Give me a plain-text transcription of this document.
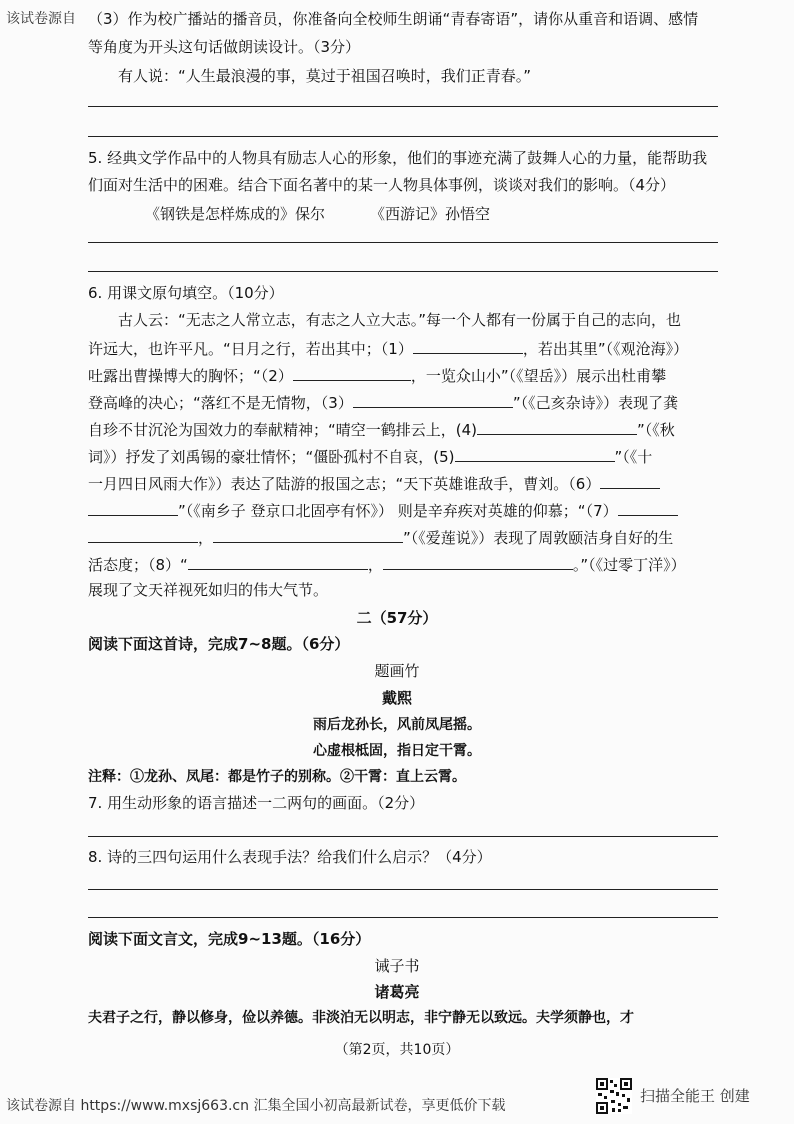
该试卷源自 （3）作为校广播站的播音员，你准备向全校师生朗诵“青春寄语”，请你从重音和语调、感情
等角度为开头这句话做朗读设计。（3分）
有人说：“人生最浪漫的事，莫过于祖国召唤时，我们正青春。”
5. 经典文学作品中的人物具有励志人心的形象，他们的事迹充满了鼓舞人心的力量，能帮助我
们面对生活中的困难。结合下面名著中的某一人物具体事例，谈谈对我们的影响。（4分）
《钢铁是怎样炼成的》保尔	《西游记》孙悟空
6. 用课文原句填空。（10分）
古人云：“无志之人常立志，有志之人立大志。”每一个人都有一份属于自己的志向，也
许远大，也许平凡。“日月之行，若出其中；（1）	，若出其里”（《观沧海》）
吐露出曹操博大的胸怀；“（2）	，一览众山小”（《望岳》）展示出杜甫攀
登高峰的决心；“落红不是无情物，（3）	”（《己亥杂诗》）表现了龚
自珍不甘沉沦为国效力的奉献精神；“晴空一鹤排云上，(4)	”（《秋
词》）抒发了刘禹锡的豪壮情怀；“僵卧孤村不自哀，(5)	”（《十
一月四日风雨大作》）表达了陆游的报国之志；“天下英雄谁敌手，曹刘。（6）
”（《南乡子 登京口北固亭有怀》） 则是辛弃疾对英雄的仰慕；“（7）
，	”（《爱莲说》）表现了周敦颐洁身自好的生
活态度；（8）“	，	。”（《过零丁洋》）
展现了文天祥视死如归的伟大气节。
二（57分）
阅读下面这首诗，完成7~8题。（6分）
题画竹
戴熙
雨后龙孙长，风前凤尾摇。
心虚根柢固，指日定干霄。
注释：①龙孙、凤尾：都是竹子的别称。②干霄：直上云霄。
7. 用生动形象的语言描述一二两句的画面。（2分）
8. 诗的三四句运用什么表现手法？给我们什么启示？（4分）
阅读下面文言文，完成9~13题。（16分）
诫子书
诸葛亮
夫君子之行，静以修身，俭以养德。非淡泊无以明志，非宁静无以致远。夫学须静也，才
（第2页，共10页）
该试卷源自 https://www.mxsj663.cn 汇集全国小初高最新试卷，享更低价下载
扫描全能王 创建
